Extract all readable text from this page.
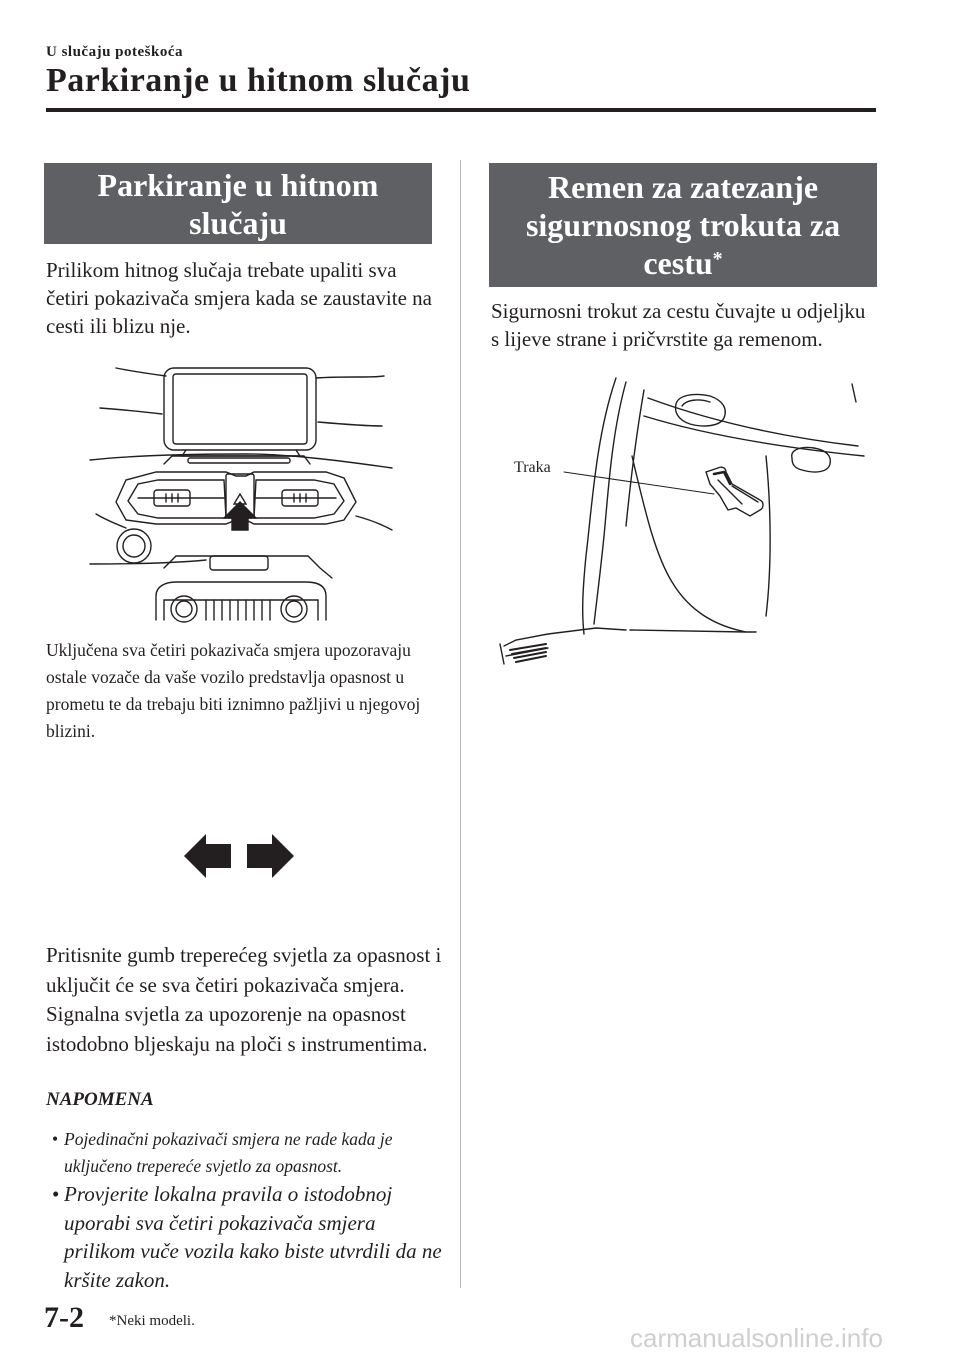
U slučaju poteškoća
Parkiranje u hitnom slučaju
Parkiranje u hitnom slučaju
Prilikom hitnog slučaja trebate upaliti sva četiri pokazivača smjera kada se zaustavite na cesti ili blizu nje.
Uključena sva četiri pokazivača smjera upozoravaju ostale vozače da vaše vozilo predstavlja opasnost u prometu te da trebaju biti iznimno pažljivi u njegovoj blizini.
Pritisnite gumb treperećeg svjetla za opasnost i uključit će se sva četiri pokazivača smjera. Signalna svjetla za upozorenje na opasnost istodobno bljeskaju na ploči s instrumentima.
NAPOMENA
• Pojedinačni pokazivači smjera ne rade kada je uključeno trepereće svjetlo za opasnost.
• Provjerite lokalna pravila o istodobnoj uporabi sva četiri pokazivača smjera prilikom vuče vozila kako biste utvrdili da ne kršite zakon.
Remen za zatezanje sigurnosnog trokuta za cestu*
Sigurnosni trokut za cestu čuvajte u odjeljku s lijeve strane i pričvrstite ga remenom.
Traka
7-2 *Neki modeli.
carmanualsonline.info
